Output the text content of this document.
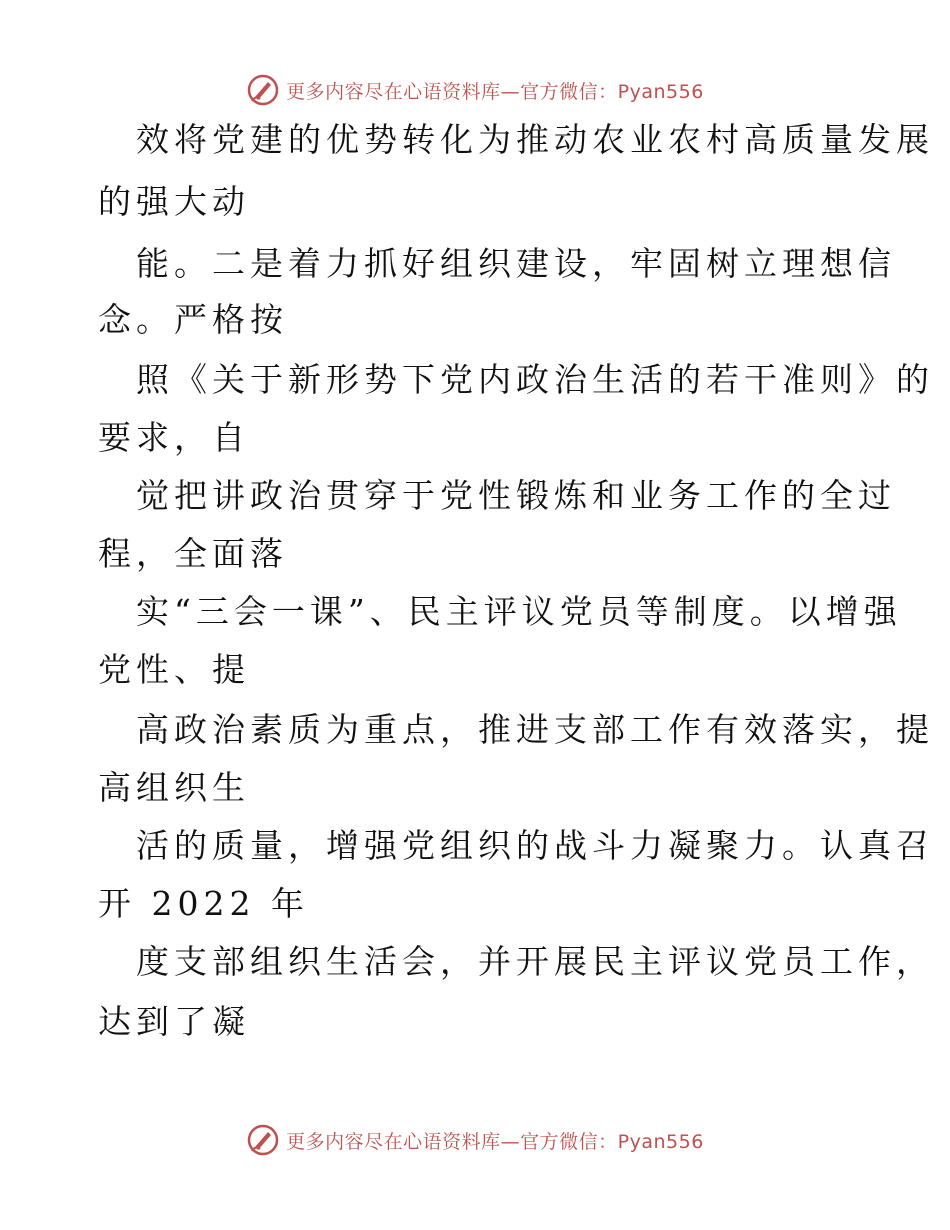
更多内容尽在心语资料库—官方微信：Pyan556
效将党建的优势转化为推动农业农村高质量发展
的强大动
能。二是着力抓好组织建设，牢固树立理想信
念。严格按
照《关于新形势下党内政治生活的若干准则》的
要求，自
觉把讲政治贯穿于党性锻炼和业务工作的全过
程，全面落
实“三会一课”、民主评议党员等制度。以增强
党性、提
高政治素质为重点，推进支部工作有效落实，提
高组织生
活的质量，增强党组织的战斗力凝聚力。认真召
开 2022 年
度支部组织生活会，并开展民主评议党员工作，
达到了凝
更多内容尽在心语资料库—官方微信：Pyan556
